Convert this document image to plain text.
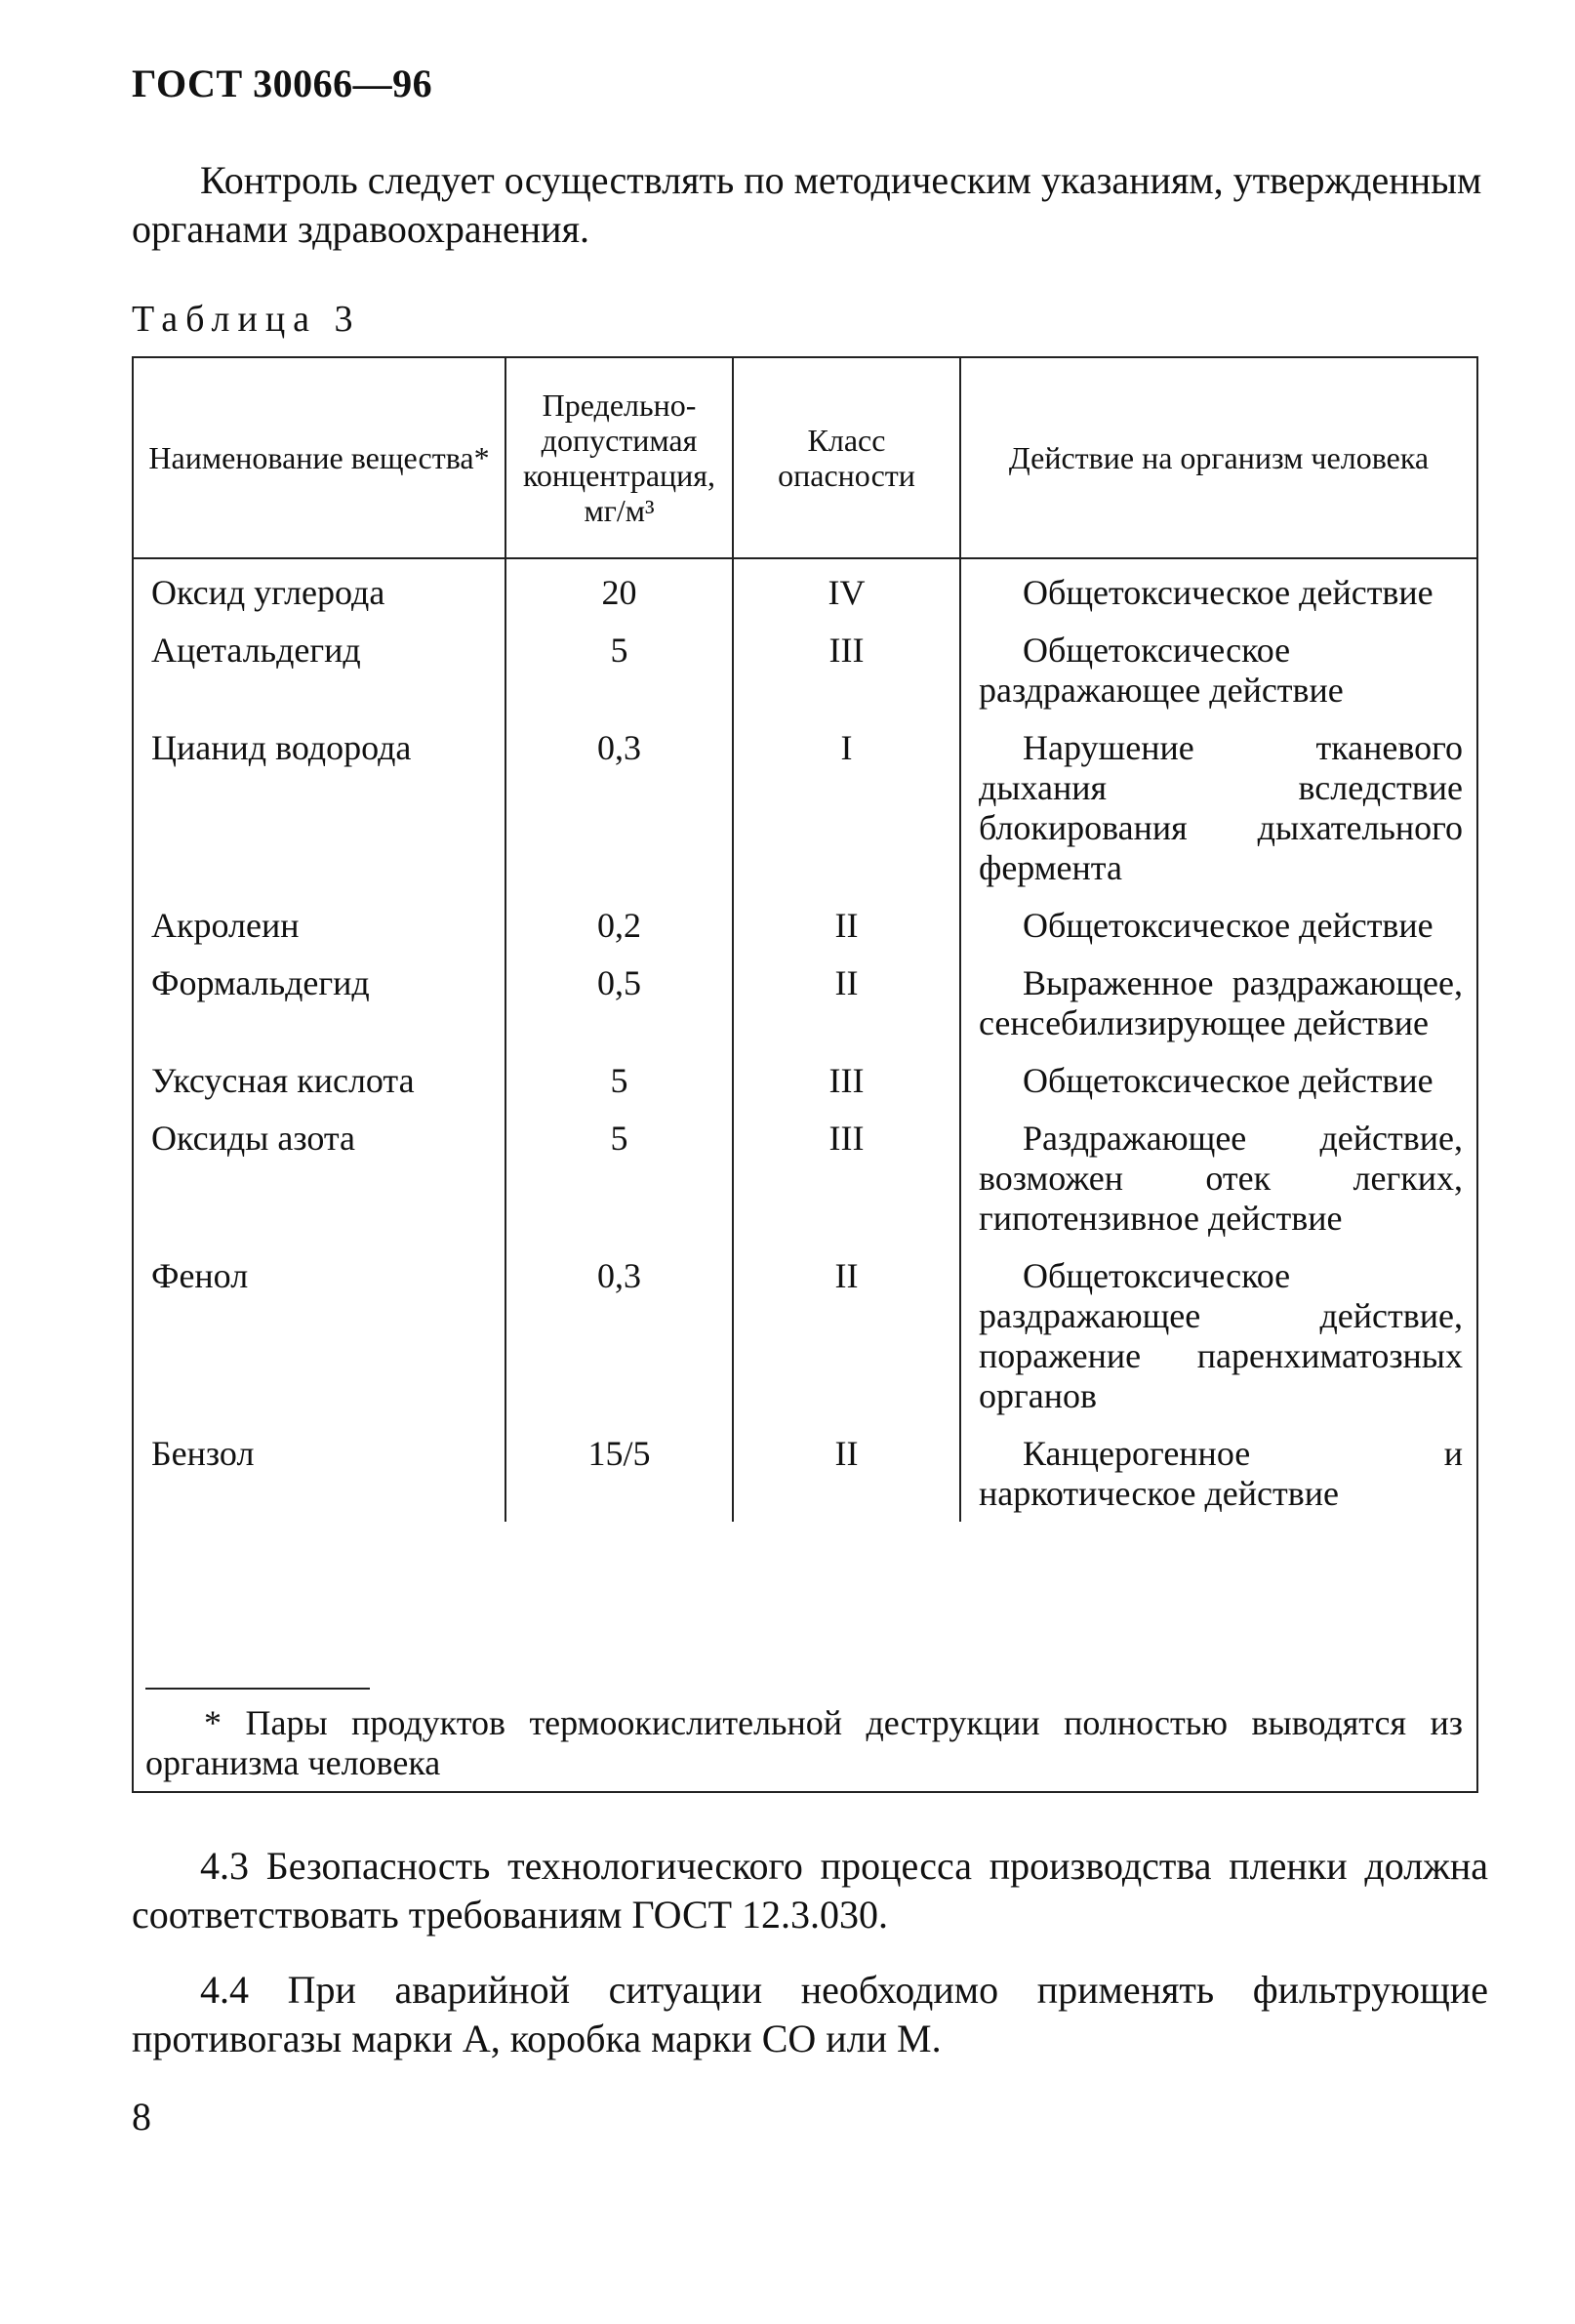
ГОСТ 30066—96
Контроль следует осуществлять по методическим указаниям, утвержденным органами здравоохранения.
Таблица 3
Наименование вещества*	Предельно-допустимая концентрация, мг/м³	Класс опасности	Действие на организм человека
Оксид углерода	20	IV	Общетоксическое действие

Ацетальдегид	5	III	Общетоксическое раздражающее действие

Цианид водорода	0,3	I	Нарушение тканевого дыхания вследствие блокирования дыхательного фермента

Акролеин	0,2	II	Общетоксическое действие

Формальдегид	0,5	II	Выраженное раздражающее, сенсебилизирующее действие

Уксусная кислота	5	III	Общетоксическое действие

Оксиды азота	5	III	Раздражающее действие, возможен отек легких, гипотензивное действие

Фенол	0,3	II	Общетоксическое раздражающее действие, поражение паренхиматозных органов

Бензол	15/5	II	Канцерогенное и наркотическое действие
* Пары продуктов термоокислительной деструкции полностью выводятся из организма человека
4.3 Безопасность технологического процесса производства пленки должна соответствовать требованиям ГОСТ 12.3.030.
4.4 При аварийной ситуации необходимо применять фильтрующие противогазы марки А, коробка марки СО или М.
8
